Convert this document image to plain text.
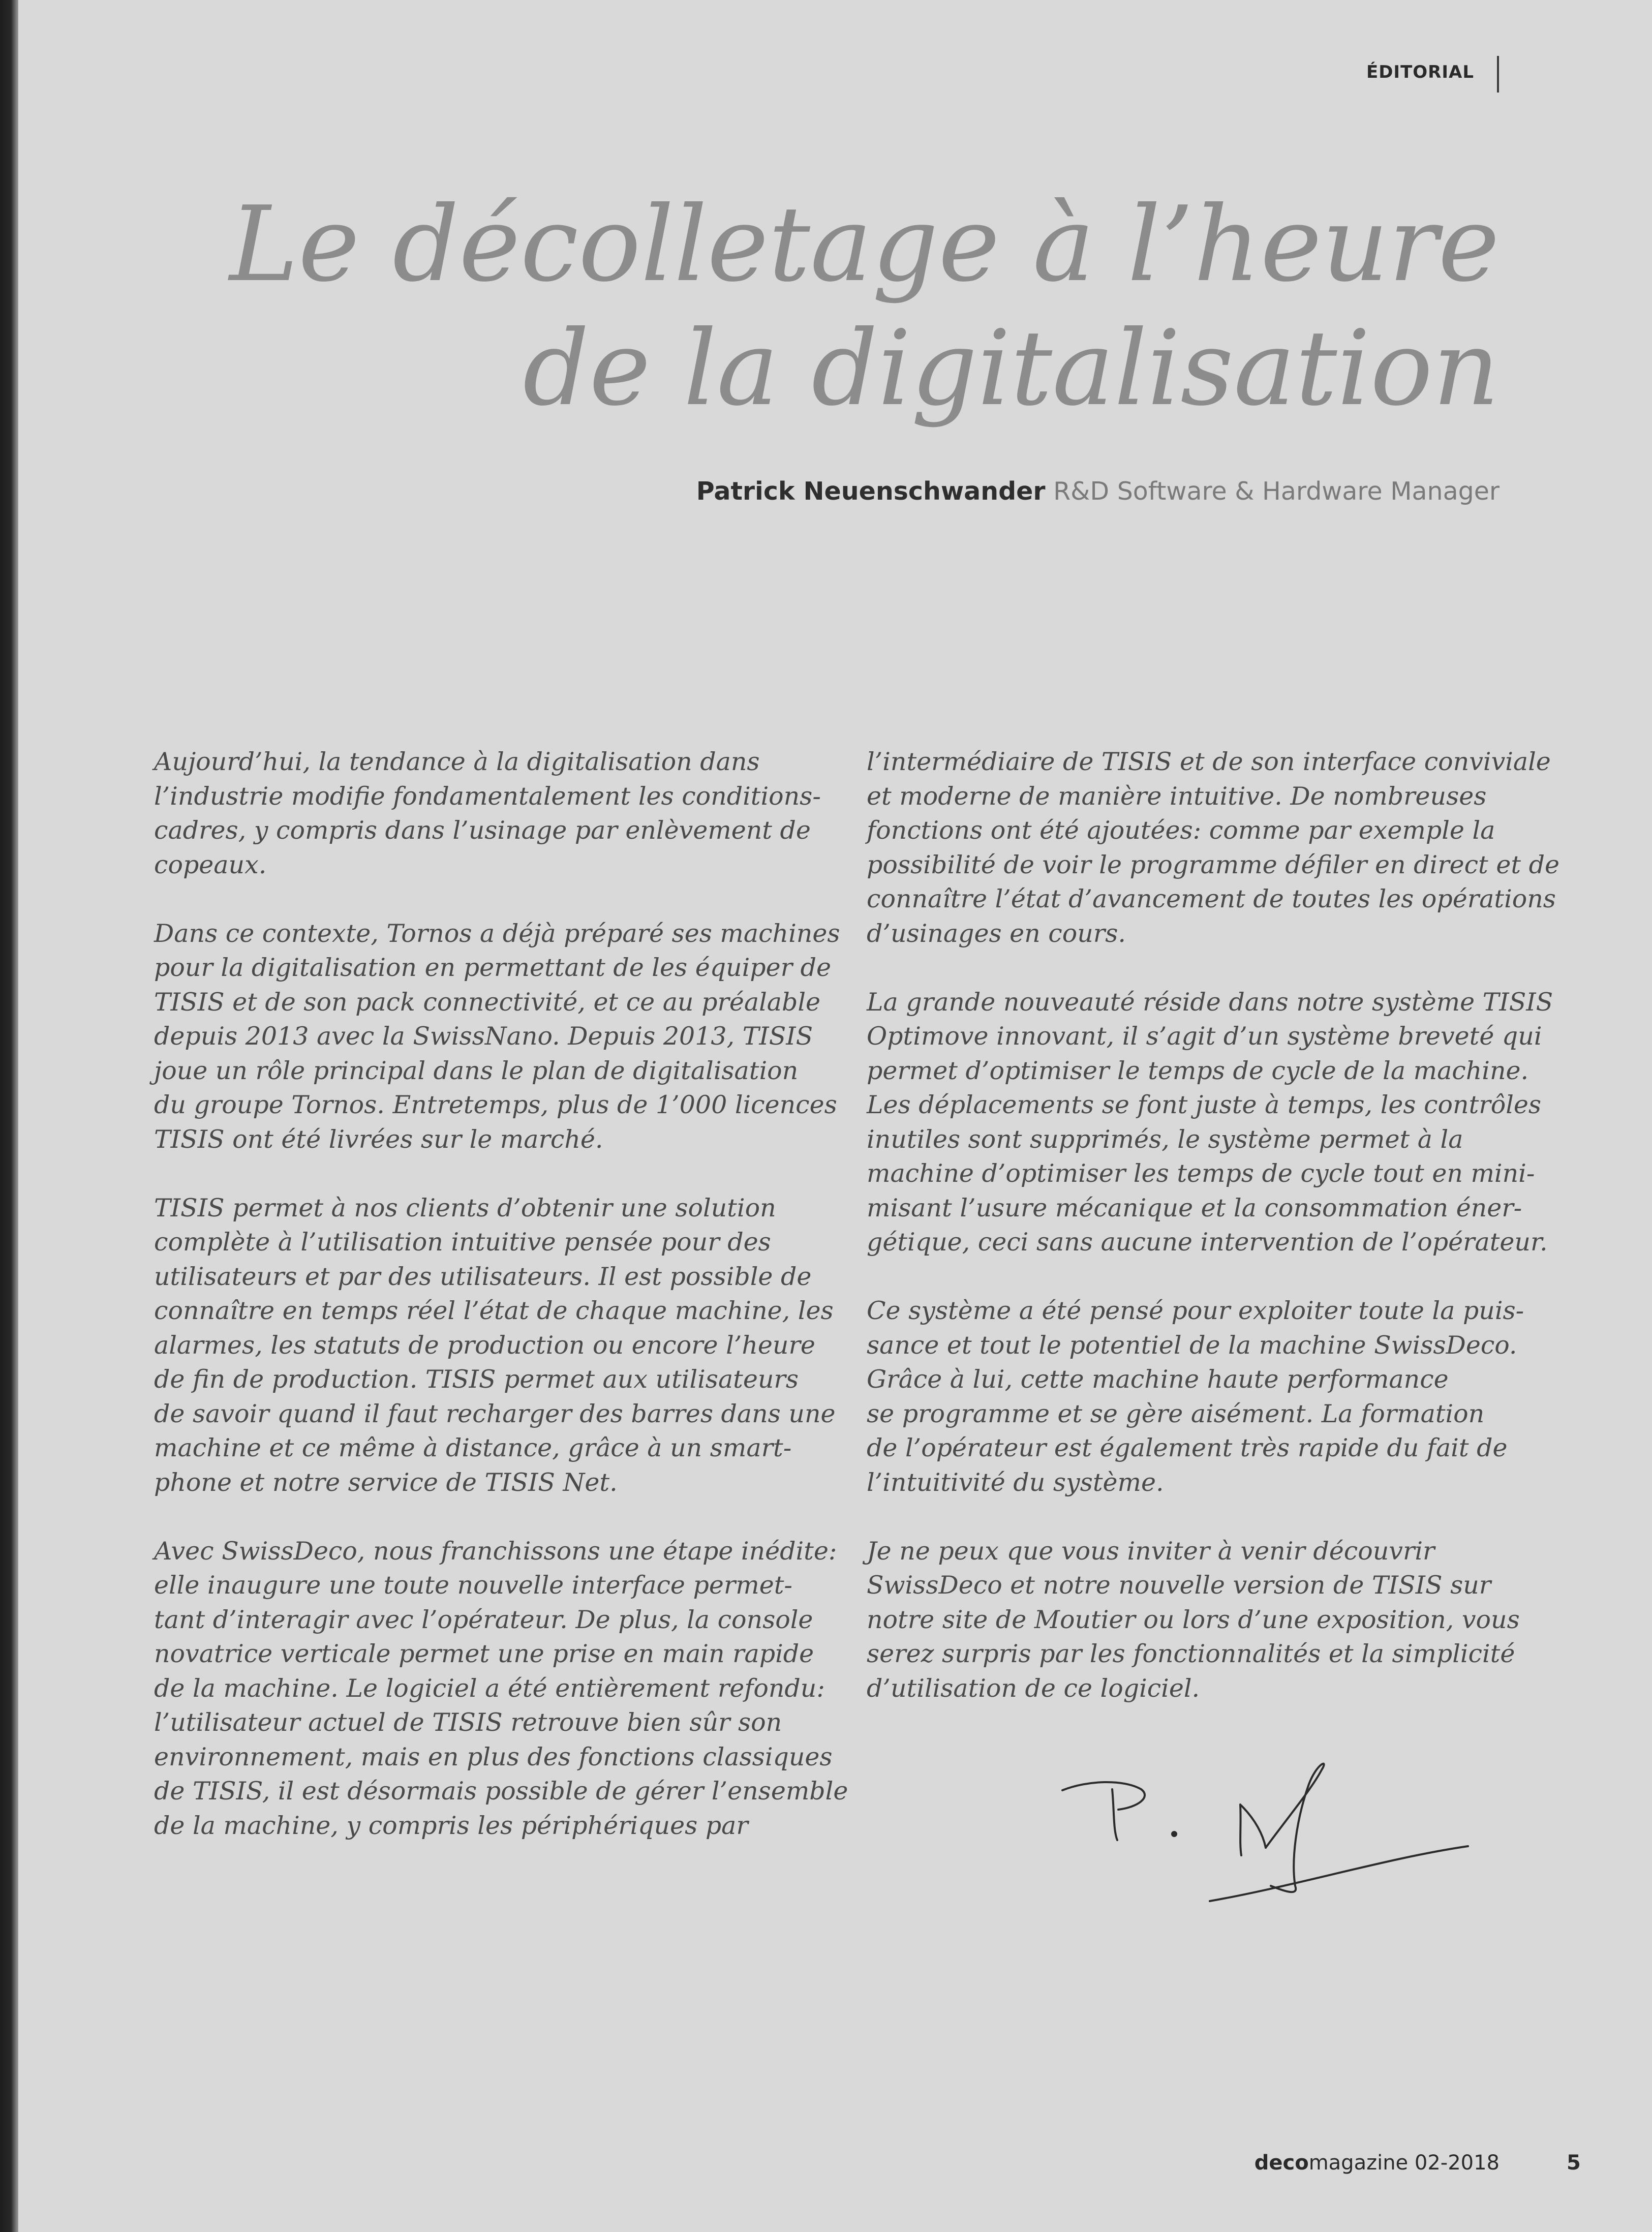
ÉDITORIAL
Le décolletage à l’heure
de la digitalisation
Patrick Neuenschwander R&D Software & Hardware Manager

Aujourd’hui, la tendance à la digitalisation dans
l’industrie modifie fondamentalement les conditions-
cadres, y compris dans l’usinage par enlèvement de
copeaux.

Dans ce contexte, Tornos a déjà préparé ses machines
pour la digitalisation en permettant de les équiper de
TISIS et de son pack connectivité, et ce au préalable
depuis 2013 avec la SwissNano. Depuis 2013, TISIS
joue un rôle principal dans le plan de digitalisation
du groupe Tornos. Entretemps, plus de 1’000 licences
TISIS ont été livrées sur le marché.

TISIS permet à nos clients d’obtenir une solution
complète à l’utilisation intuitive pensée pour des
utilisateurs et par des utilisateurs. Il est possible de
connaître en temps réel l’état de chaque machine, les
alarmes, les statuts de production ou encore l’heure
de fin de production. TISIS permet aux utilisateurs
de savoir quand il faut recharger des barres dans une
machine et ce même à distance, grâce à un smart-
phone et notre service de TISIS Net.

Avec SwissDeco, nous franchissons une étape inédite:
elle inaugure une toute nouvelle interface permet-
tant d’interagir avec l’opérateur. De plus, la console
novatrice verticale permet une prise en main rapide
de la machine. Le logiciel a été entièrement refondu:
l’utilisateur actuel de TISIS retrouve bien sûr son
environnement, mais en plus des fonctions classiques
de TISIS, il est désormais possible de gérer l’ensemble
de la machine, y compris les périphériques par

l’intermédiaire de TISIS et de son interface conviviale
et moderne de manière intuitive. De nombreuses
fonctions ont été ajoutées: comme par exemple la
possibilité de voir le programme défiler en direct et de
connaître l’état d’avancement de toutes les opérations
d’usinages en cours.

La grande nouveauté réside dans notre système TISIS
Optimove innovant, il s’agit d’un système breveté qui
permet d’optimiser le temps de cycle de la machine.
Les déplacements se font juste à temps, les contrôles
inutiles sont supprimés, le système permet à la
machine d’optimiser les temps de cycle tout en mini-
misant l’usure mécanique et la consommation éner-
gétique, ceci sans aucune intervention de l’opérateur.

Ce système a été pensé pour exploiter toute la puis-
sance et tout le potentiel de la machine SwissDeco.
Grâce à lui, cette machine haute performance
se programme et se gère aisément. La formation
de l’opérateur est également très rapide du fait de
l’intuitivité du système.

Je ne peux que vous inviter à venir découvrir
SwissDeco et notre nouvelle version de TISIS sur
notre site de Moutier ou lors d’une exposition, vous
serez surpris par les fonctionnalités et la simplicité
d’utilisation de ce logiciel.

decomagazine 02-2018	5
